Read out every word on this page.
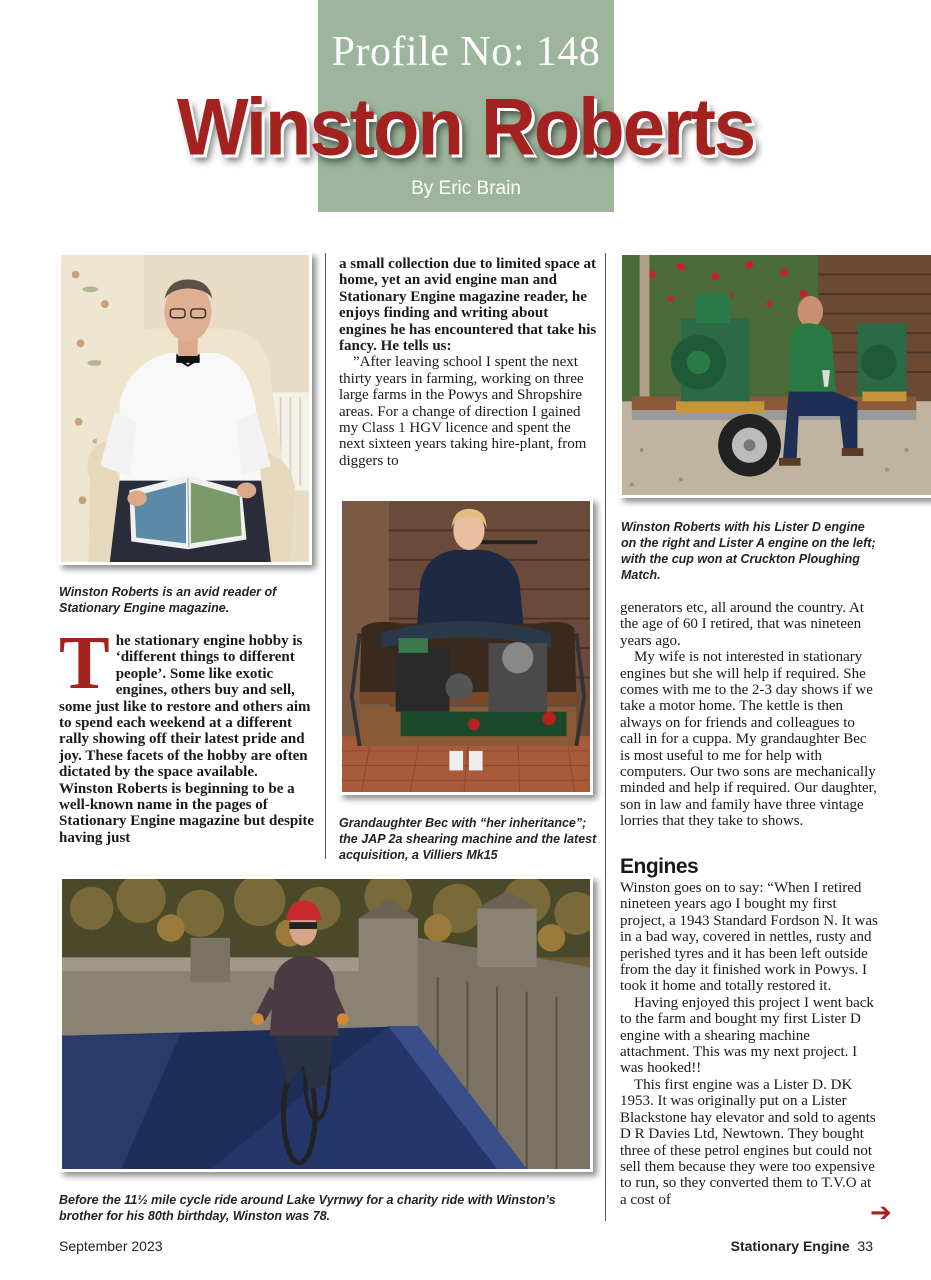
Profile No: 148
Winston Roberts
By Eric Brain
Winston Roberts is an avid reader of Stationary Engine magazine.
T he stationary engine hobby is ‘different things to different people’. Some like exotic engines, others buy and sell, some just like to restore and others aim to spend each weekend at a different rally showing off their latest pride and joy. These facets of the hobby are often dictated by the space available. Winston Roberts is beginning to be a well-known name in the pages of Stationary Engine magazine but despite having just

a small collection due to limited space at home, yet an avid engine man and Stationary Engine magazine reader, he enjoys finding and writing about engines he has encountered that take his fancy. He tells us:

”After leaving school I spent the next thirty years in farming, working on three large farms in the Powys and Shropshire areas. For a change of direction I gained my Class 1 HGV licence and spent the next sixteen years taking hire-plant, from diggers to

Grandaughter Bec with “her inheritance”; the JAP 2a shearing machine and the latest acquisition, a Villiers Mk15
Winston Roberts with his Lister D engine on the right and Lister A engine on the left; with the cup won at Cruckton Ploughing Match.

generators etc, all around the country. At the age of 60 I retired, that was nineteen years ago.

My wife is not interested in stationary engines but she will help if required. She comes with me to the 2-3 day shows if we take a motor home. The kettle is then always on for friends and colleagues to call in for a cuppa. My grandaughter Bec is most useful to me for help with computers. Our two sons are mechanically minded and help if required. Our daughter, son in law and family have three vintage lorries that they take to shows.

Engines

Winston goes on to say: “When I retired nineteen years ago I bought my first project, a 1943 Standard Fordson N. It was in a bad way, covered in nettles, rusty and perished tyres and it has been left outside from the day it finished work in Powys. I took it home and totally restored it.

Having enjoyed this project I went back to the farm and bought my first Lister D engine with a shearing machine attachment. This was my next project. I was hooked!!

This first engine was a Lister D. DK 1953. It was originally put on a Lister Blackstone hay elevator and sold to agents D R Davies Ltd, Newtown. They bought three of these petrol engines but could not sell them because they were too expensive to run, so they converted them to T.V.O at a cost of

Before the 11½ mile cycle ride around Lake Vyrnwy for a charity ride with Winston’s brother for his 80th birthday, Winston was 78.	➔
September 2023	Stationary Engine 33
